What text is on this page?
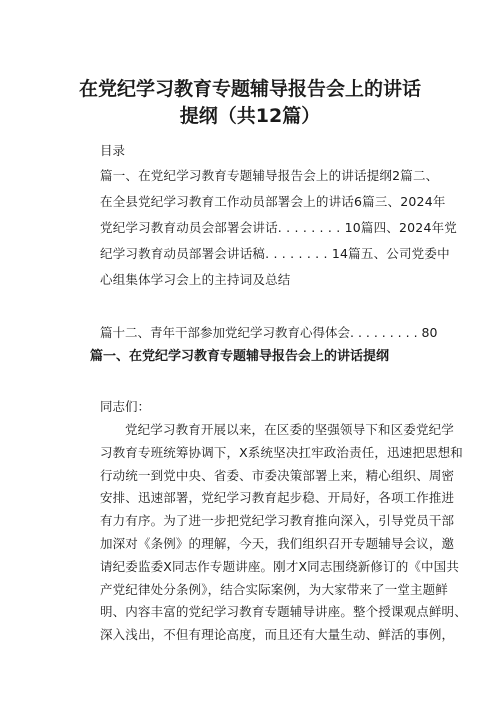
在党纪学习教育专题辅导报告会上的讲话
提纲（共12篇）
目录
篇一、在党纪学习教育专题辅导报告会上的讲话提纲2篇二、
在全县党纪学习教育工作动员部署会上的讲话6篇三、2024年
党纪学习教育动员会部署会讲话. . . . . . . . 10篇四、2024年党
纪学习教育动员部署会讲话稿. . . . . . . . 14篇五、公司党委中
心组集体学习会上的主持词及总结
篇十二、青年干部参加党纪学习教育心得体会. . . . . . . . . 80
篇一、在党纪学习教育专题辅导报告会上的讲话提纲
同志们：
党纪学习教育开展以来，在区委的坚强领导下和区委党纪学
习教育专班统筹协调下，X系统坚决扛牢政治责任，迅速把思想和
行动统一到党中央、省委、市委决策部署上来，精心组织、周密
安排、迅速部署，党纪学习教育起步稳、开局好，各项工作推进
有力有序。为了进一步把党纪学习教育推向深入，引导党员干部
加深对《条例》的理解，今天，我们组织召开专题辅导会议，邀
请纪委监委X同志作专题讲座。刚才X同志围绕新修订的《中国共
产党纪律处分条例》，结合实际案例，为大家带来了一堂主题鲜
明、内容丰富的党纪学习教育专题辅导讲座。整个授课观点鲜明、
深入浅出，不但有理论高度，而且还有大量生动、鲜活的事例，
